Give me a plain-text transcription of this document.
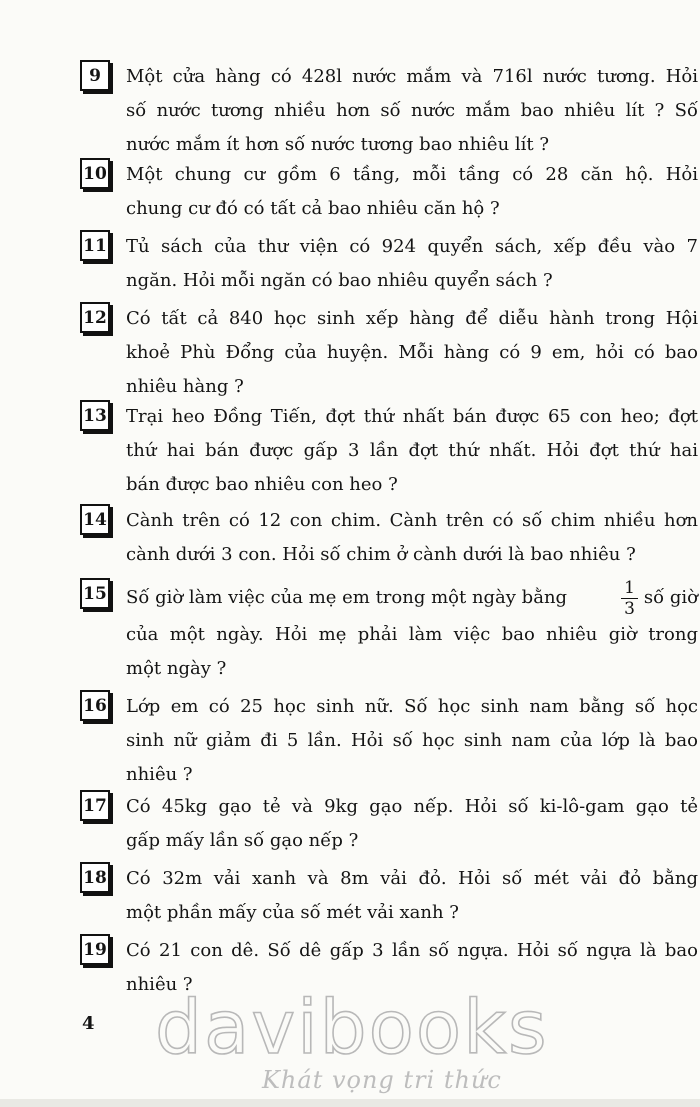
9	Một cửa hàng có 428l nước mắm và 716l nước tương. Hỏi
số nước tương nhiều hơn số nước mắm bao nhiêu lít ? Số
nước mắm ít hơn số nước tương bao nhiêu lít ?
10 Một chung cư gồm 6 tầng, mỗi tầng có 28 căn hộ. Hỏi
chung cư đó có tất cả bao nhiêu căn hộ ?
11 Tủ sách của thư viện có 924 quyển sách, xếp đều vào 7
ngăn. Hỏi mỗi ngăn có bao nhiêu quyển sách ?
12 Có tất cả 840 học sinh xếp hàng để diễu hành trong Hội
khoẻ Phù Đổng của huyện. Mỗi hàng có 9 em, hỏi có bao
nhiêu hàng ?
13 Trại heo Đồng Tiến, đợt thứ nhất bán được 65 con heo; đợt
thứ hai bán được gấp 3 lần đợt thứ nhất. Hỏi đợt thứ hai
bán được bao nhiêu con heo ?
14 Cành trên có 12 con chim. Cành trên có số chim nhiều hơn
cành dưới 3 con. Hỏi số chim ở cành dưới là bao nhiêu ?
15 Số giờ làm việc của mẹ em trong một ngày bằng	$\frac{1}{3}$ số giờ
của một ngày. Hỏi mẹ phải làm việc bao nhiêu giờ trong
một ngày ?
16 Lớp em có 25 học sinh nữ. Số học sinh nam bằng số học
sinh nữ giảm đi 5 lần. Hỏi số học sinh nam của lớp là bao
nhiêu ?
17 Có 45kg gạo tẻ và 9kg gạo nếp. Hỏi số ki-lô-gam gạo tẻ
gấp mấy lần số gạo nếp ?
18 Có 32m vải xanh và 8m vải đỏ. Hỏi số mét vải đỏ bằng
một phần mấy của số mét vải xanh ?
19 Có 21 con dê. Số dê gấp 3 lần số ngựa. Hỏi số ngựa là bao
nhiêu ?
4 davibooks
Khát vọng tri thức
